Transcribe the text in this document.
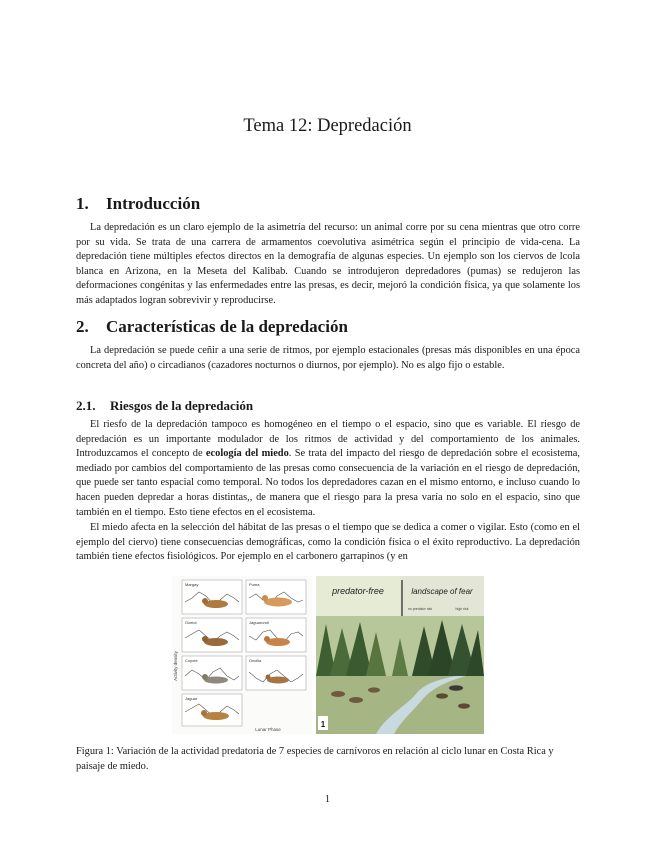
Tema 12: Depredación
1. Introducción

La depredación es un claro ejemplo de la asimetría del recurso: un animal corre por su cena mientras que otro corre por su vida. Se trata de una carrera de armamentos coevolutiva asimétrica según el principio de vida-cena. La depredación tiene múltiples efectos directos en la demografía de algunas especies. Un ejemplo son los ciervos de lcola blanca en Arizona, en la Meseta del Kalibab. Cuando se introdujeron depredadores (pumas) se redujeron las deformaciones congénitas y las enfermedades entre las presas, es decir, mejoró la condición física, ya que solamente los más adaptados logran sobrevivir y reproducirse.

2. Características de la depredación

La depredación se puede ceñir a una serie de ritmos, por ejemplo estacionales (presas más disponibles en una época concreta del año) o circadianos (cazadores nocturnos o diurnos, por ejemplo). No es algo fijo o estable.

2.1. Riesgos de la depredación

El riesfo de la depredación tampoco es homogéneo en el tiempo o el espacio, sino que es variable. El riesgo de depredación es un importante modulador de los ritmos de actividad y del comportamiento de los animales. Introduzcamos el concepto de ecología del miedo. Se trata del impacto del riesgo de depredación sobre el ecosistema, mediado por cambios del comportamiento de las presas como consecuencia de la variación en el riesgo de depredación, que puede ser tanto espacial como temporal. No todos los depredadores cazan en el mismo entorno, e incluso cuando lo hacen pueden depredar a horas distintas,, de manera que el riesgo para la presa varía no solo en el espacio, sino que también en el tiempo. Esto tiene efectos en el ecosistema.

El miedo afecta en la selección del hábitat de las presas o el tiempo que se dedica a comer o vigilar. Esto (como en el ejemplo del ciervo) tiene consecuencias demográficas, como la condición física o el éxito reproductivo. La depredación también tiene efectos fisiológicos. Por ejemplo en el carbonero garrapinos (y en

Activity density
Lunar Phase
Margay	Puma
Ocelot	Jaguarundi
Coyote	Oncilla
Jaguar
predator-free	landscape of fear
no predator risk	high risk
1

Figura 1: Variación de la actividad predatoria de 7 especies de carnívoros en relación al ciclo lunar en Costa Rica y paisaje de miedo.

1
